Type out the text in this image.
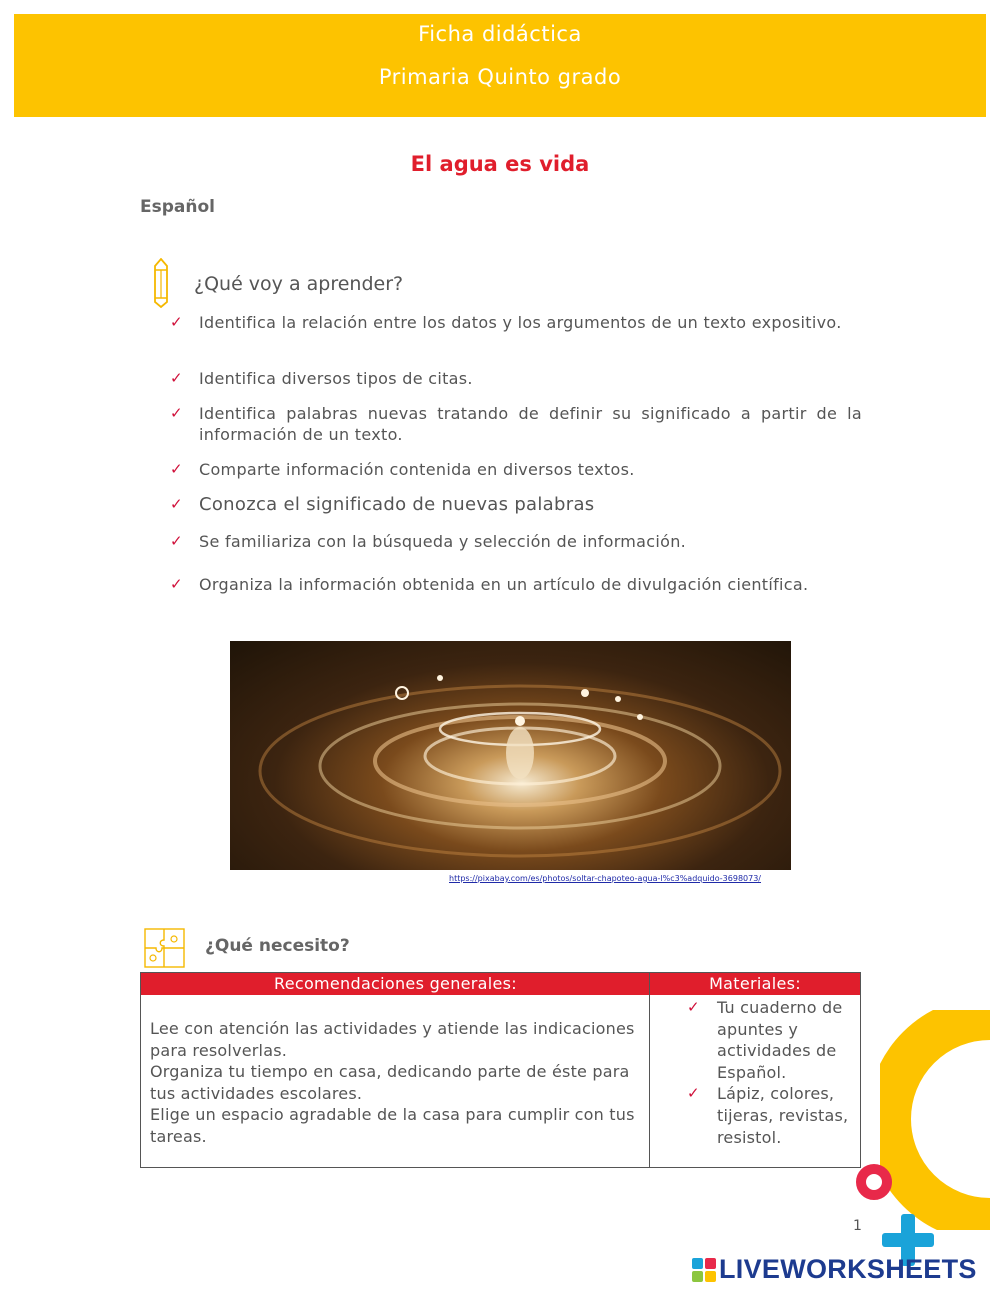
Ficha didáctica
Primaria Quinto grado
El agua es vida
Español
¿Qué voy a aprender?
✓ Identifica la relación entre los datos y los argumentos de un texto expositivo.
✓ Identifica diversos tipos de citas.
✓ Identifica palabras nuevas tratando de definir su significado a partir de la información de un texto.
✓ Comparte información contenida en diversos textos.
✓ Conozca el significado de nuevas palabras
✓ Se familiariza con la búsqueda y selección de información.
✓ Organiza la información obtenida en un artículo de divulgación científica.
https://pixabay.com/es/photos/soltar-chapoteo-agua-l%c3%adquido-3698073/
¿Qué necesito?
Recomendaciones generales:	Materiales:
Lee con atención las actividades y atiende las indicaciones para resolverlas.
Organiza tu tiempo en casa, dedicando parte de éste para tus actividades escolares.
Elige un espacio agradable de la casa para cumplir con tus tareas.
✓ Tu cuaderno de apuntes y actividades de Español.
✓ Lápiz, colores, tijeras, revistas, resistol.
1
LIVEWORKSHEETS
